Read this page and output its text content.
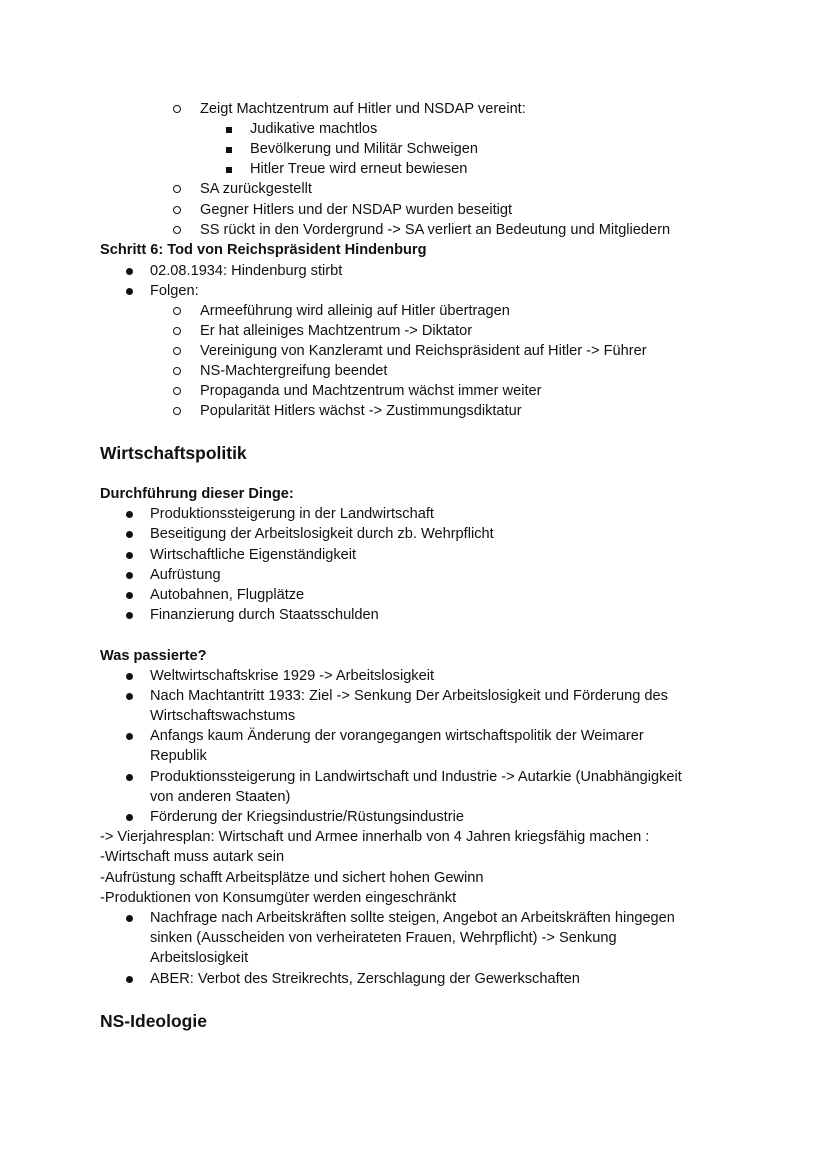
Zeigt Machtzentrum auf Hitler und NSDAP vereint:
Judikative machtlos
Bevölkerung und Militär Schweigen
Hitler Treue wird erneut bewiesen
SA zurückgestellt
Gegner Hitlers und der NSDAP wurden beseitigt
SS rückt in den Vordergrund -> SA verliert an Bedeutung und Mitgliedern
Schritt 6: Tod von Reichspräsident Hindenburg
02.08.1934: Hindenburg stirbt
Folgen:
Armeeführung wird alleinig auf Hitler übertragen
Er hat alleiniges Machtzentrum -> Diktator
Vereinigung von Kanzleramt und Reichspräsident auf Hitler -> Führer
NS-Machtergreifung beendet
Propaganda und Machtzentrum wächst immer weiter
Popularität Hitlers wächst -> Zustimmungsdiktatur
Wirtschaftspolitik
Durchführung dieser Dinge:
Produktionssteigerung in der Landwirtschaft
Beseitigung der Arbeitslosigkeit durch zb. Wehrpflicht
Wirtschaftliche Eigenständigkeit
Aufrüstung
Autobahnen, Flugplätze
Finanzierung durch Staatsschulden
Was passierte?
Weltwirtschaftskrise 1929 -> Arbeitslosigkeit
Nach Machtantritt 1933: Ziel -> Senkung Der Arbeitslosigkeit und Förderung des
Wirtschaftswachstums
Anfangs kaum Änderung der vorangegangen wirtschaftspolitik der Weimarer
Republik
Produktionssteigerung in Landwirtschaft und Industrie -> Autarkie (Unabhängigkeit
von anderen Staaten)
Förderung der Kriegsindustrie/Rüstungsindustrie
-> Vierjahresplan: Wirtschaft und Armee innerhalb von 4 Jahren kriegsfähig machen :
-Wirtschaft muss autark sein
-Aufrüstung schafft Arbeitsplätze und sichert hohen Gewinn
-Produktionen von Konsumgüter werden eingeschränkt
Nachfrage nach Arbeitskräften sollte steigen, Angebot an Arbeitskräften hingegen
sinken (Ausscheiden von verheirateten Frauen, Wehrpflicht) -> Senkung
Arbeitslosigkeit
ABER: Verbot des Streikrechts, Zerschlagung der Gewerkschaften
NS-Ideologie
